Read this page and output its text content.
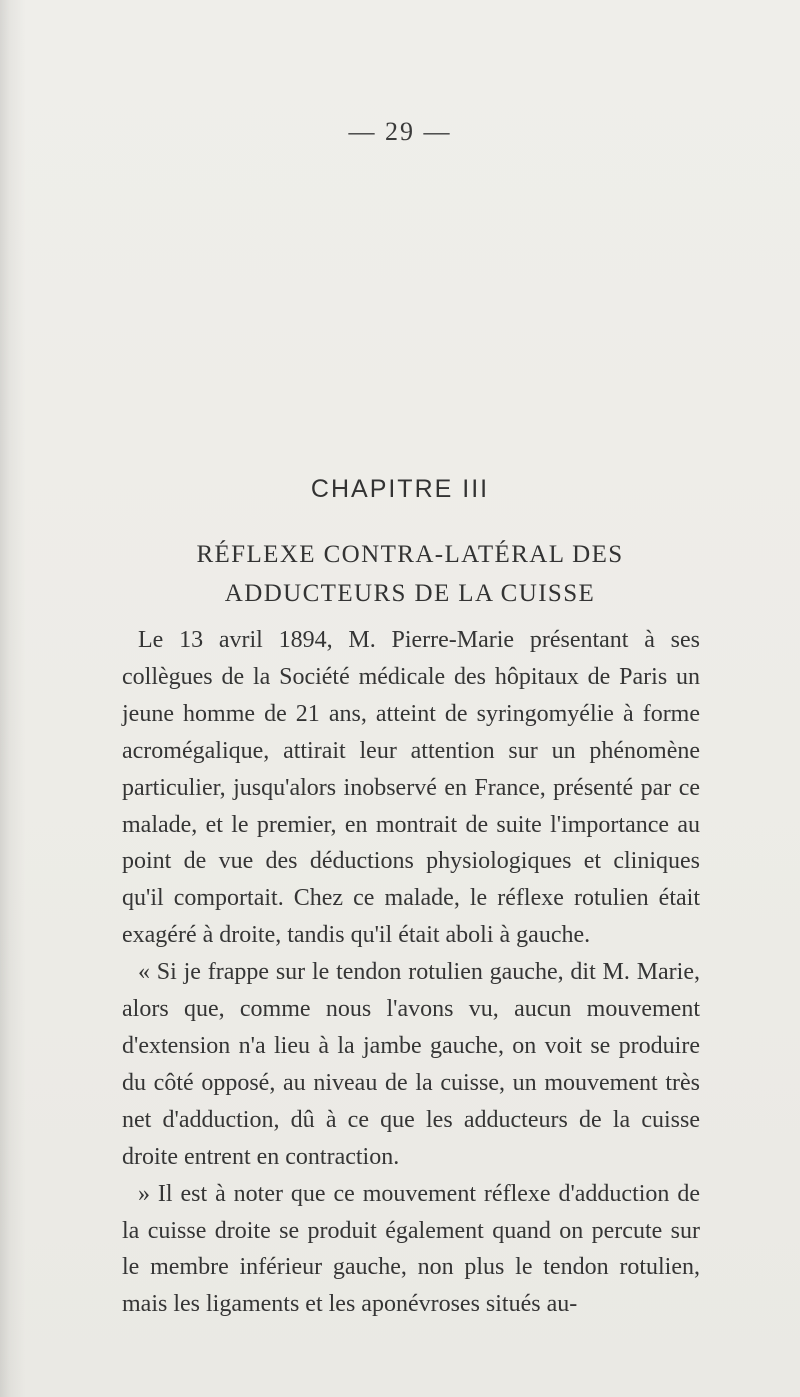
— 29 —
CHAPITRE III
RÉFLEXE CONTRA-LATÉRAL DES ADDUCTEURS DE LA CUISSE

Le 13 avril 1894, M. Pierre-Marie présentant à ses collègues de la Société médicale des hôpitaux de Paris un jeune homme de 21 ans, atteint de syringomyélie à forme acromégalique, attirait leur attention sur un phénomène particulier, jusqu'alors inobservé en France, présenté par ce malade, et le premier, en montrait de suite l'importance au point de vue des déductions physiologiques et cliniques qu'il comportait. Chez ce malade, le réflexe rotulien était exagéré à droite, tandis qu'il était aboli à gauche.

« Si je frappe sur le tendon rotulien gauche, dit M. Marie, alors que, comme nous l'avons vu, aucun mouvement d'extension n'a lieu à la jambe gauche, on voit se produire du côté opposé, au niveau de la cuisse, un mouvement très net d'adduction, dû à ce que les adducteurs de la cuisse droite entrent en contraction.

» Il est à noter que ce mouvement réflexe d'adduction de la cuisse droite se produit également quand on percute sur le membre inférieur gauche, non plus le tendon rotulien, mais les ligaments et les aponévroses situés au-
